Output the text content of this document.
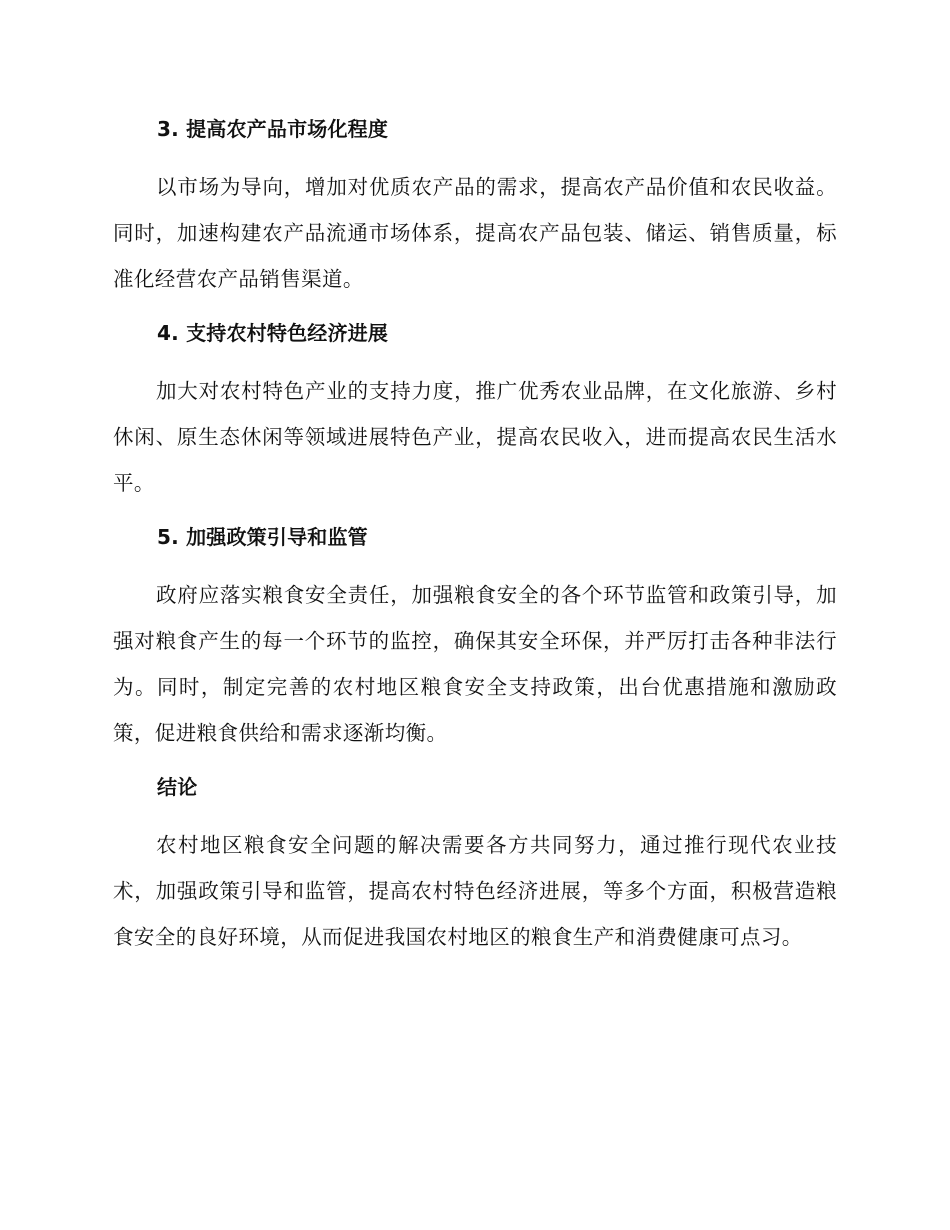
3. 提高农产品市场化程度

以市场为导向，增加对优质农产品的需求，提高农产品价值和农民收益。同时，加速构建农产品流通市场体系，提高农产品包装、储运、销售质量，标准化经营农产品销售渠道。

4. 支持农村特色经济进展

加大对农村特色产业的支持力度，推广优秀农业品牌，在文化旅游、乡村休闲、原生态休闲等领域进展特色产业，提高农民收入，进而提高农民生活水平。

5. 加强政策引导和监管

政府应落实粮食安全责任，加强粮食安全的各个环节监管和政策引导，加强对粮食产生的每一个环节的监控，确保其安全环保，并严厉打击各种非法行为。同时，制定完善的农村地区粮食安全支持政策，出台优惠措施和激励政策，促进粮食供给和需求逐渐均衡。

结论

农村地区粮食安全问题的解决需要各方共同努力，通过推行现代农业技术，加强政策引导和监管，提高农村特色经济进展，等多个方面，积极营造粮食安全的良好环境，从而促进我国农村地区的粮食生产和消费健康可点习。
